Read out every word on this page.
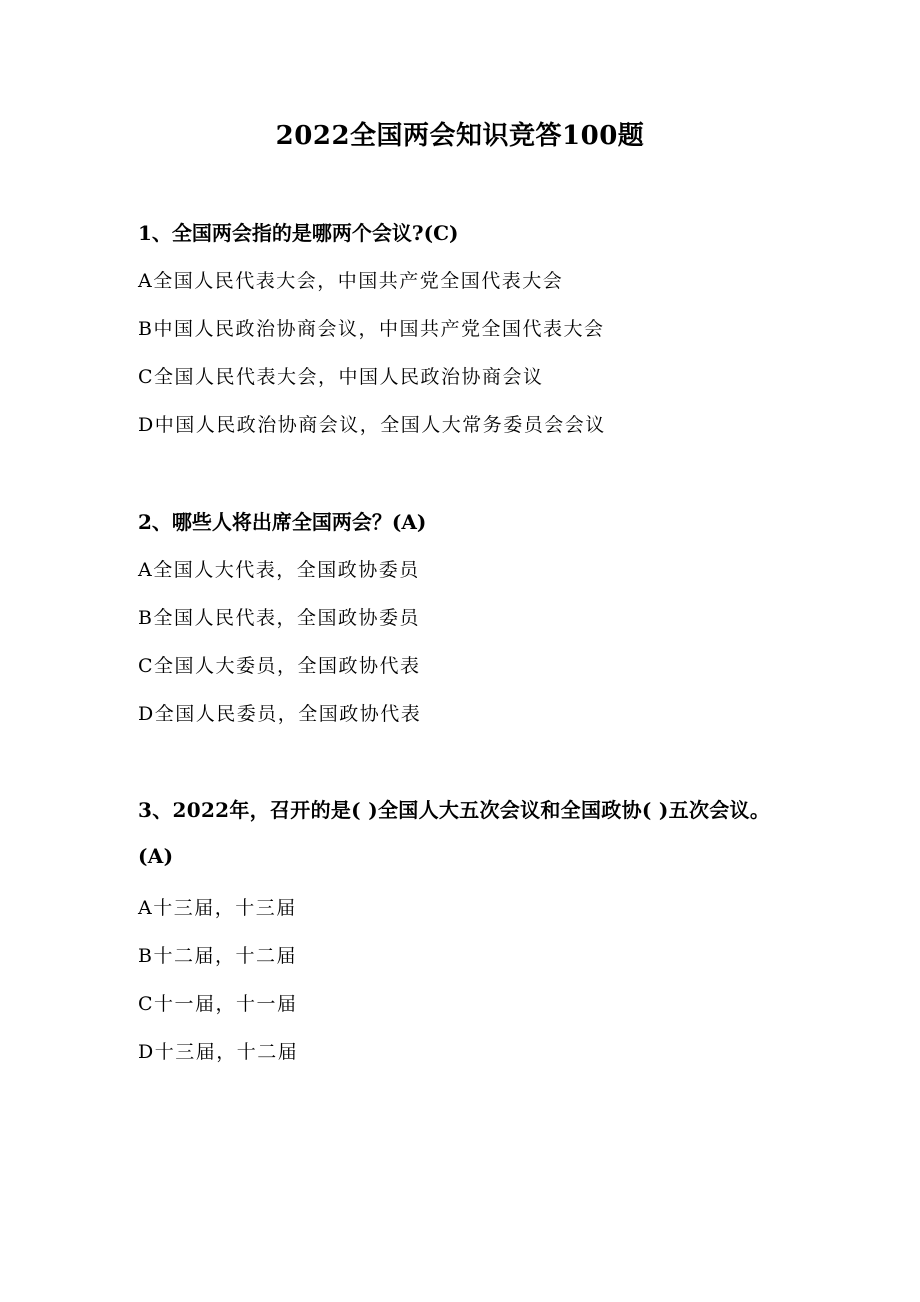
2022全国两会知识竞答100题
1、全国两会指的是哪两个会议?(C)
A全国人民代表大会，中国共产党全国代表大会
B中国人民政治协商会议，中国共产党全国代表大会
C全国人民代表大会，中国人民政治协商会议
D中国人民政治协商会议，全国人大常务委员会会议
2、哪些人将出席全国两会？(A)
A全国人大代表，全国政协委员
B全国人民代表，全国政协委员
C全国人大委员，全国政协代表
D全国人民委员，全国政协代表
3、2022年，召开的是( )全国人大五次会议和全国政协( )五次会议。(A)
A十三届，十三届
B十二届，十二届
C十一届，十一届
D十三届，十二届
